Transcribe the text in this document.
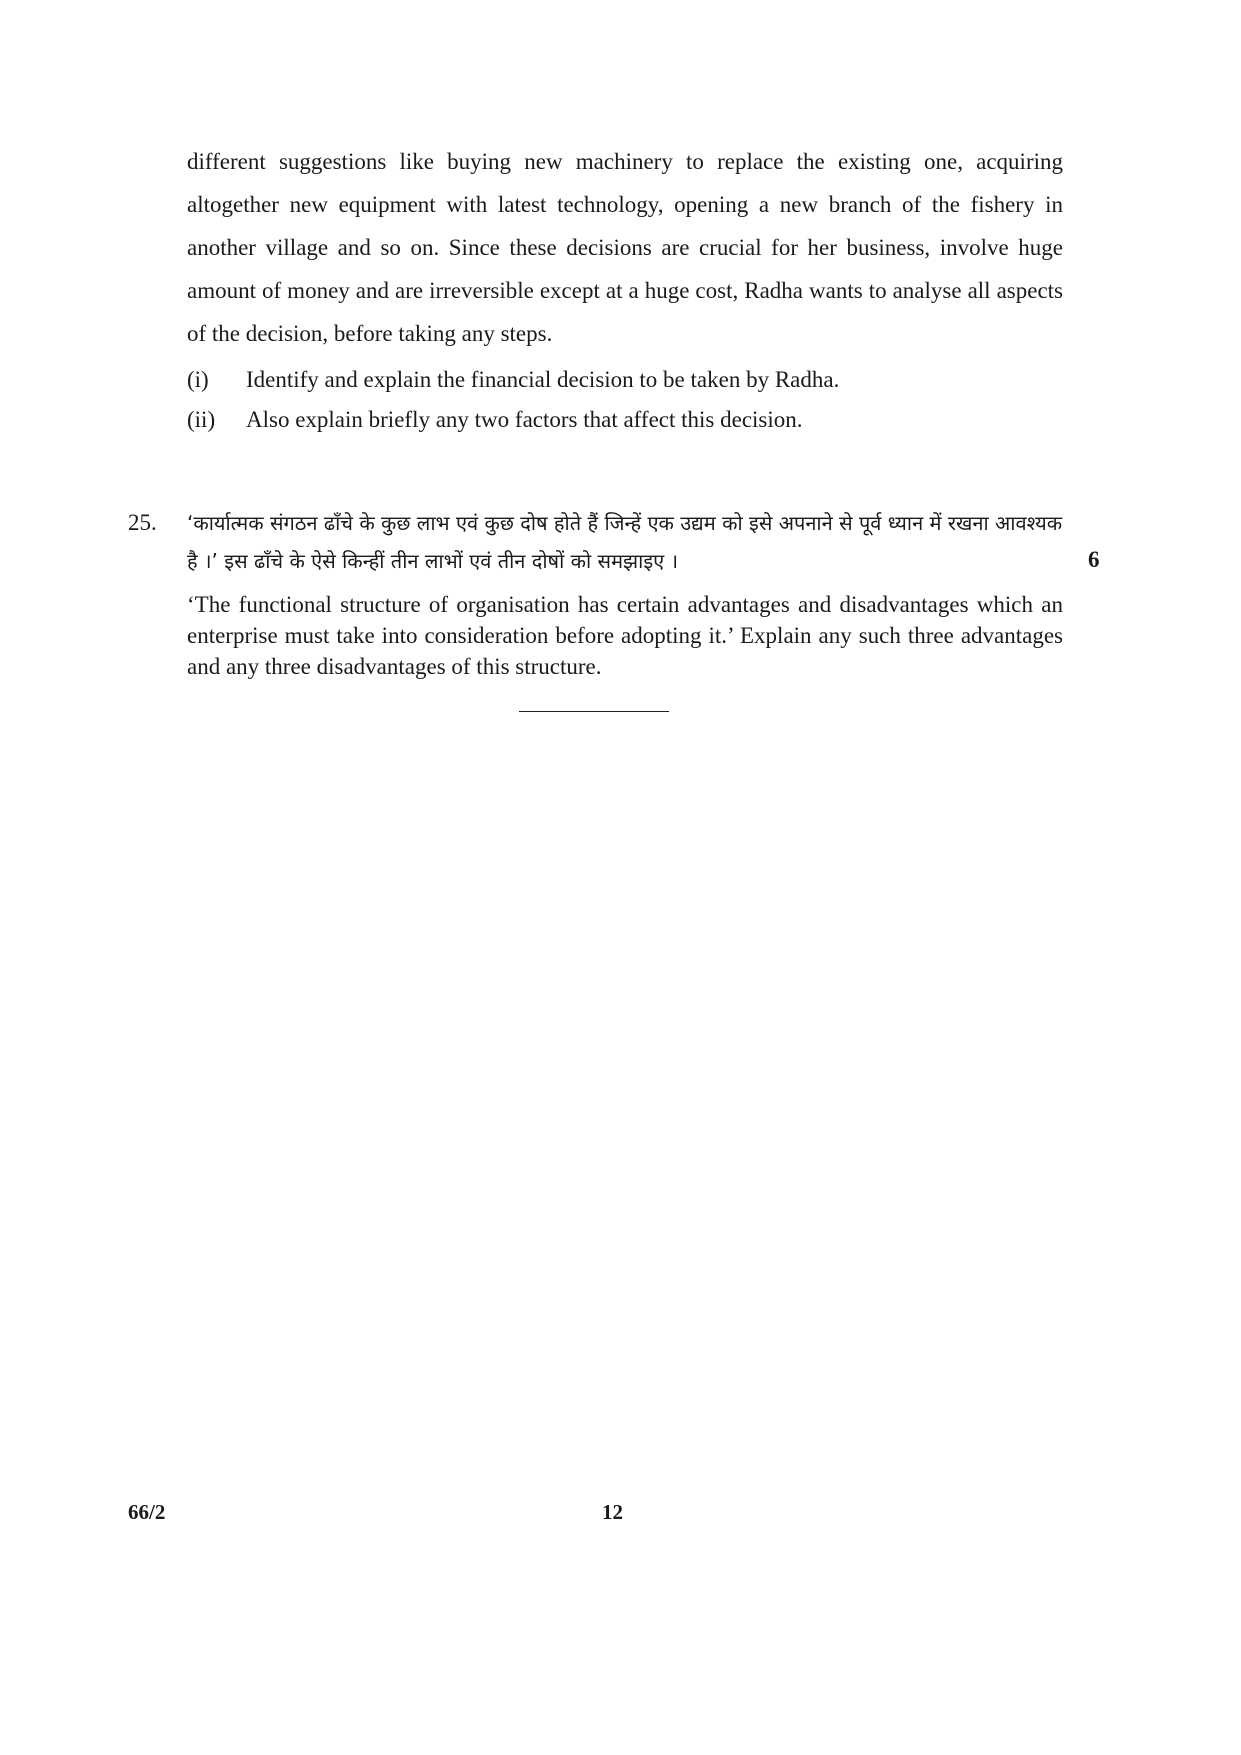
different suggestions like buying new machinery to replace the existing one, acquiring altogether new equipment with latest technology, opening a new branch of the fishery in another village and so on. Since these decisions are crucial for her business, involve huge amount of money and are irreversible except at a huge cost, Radha wants to analyse all aspects of the decision, before taking any steps.

(i) Identify and explain the financial decision to be taken by Radha.
(ii) Also explain briefly any two factors that affect this decision.
25. ‘कार्यात्मक संगठन ढाँचे के कुछ लाभ एवं कुछ दोष होते हैं जिन्हें एक उद्यम को इसे अपनाने से पूर्व ध्यान में रखना आवश्यक है ।’ इस ढाँचे के ऐसे किन्हीं तीन लाभों एवं तीन दोषों को समझाइए ।	6

‘The functional structure of organisation has certain advantages and disadvantages which an enterprise must take into consideration before adopting it.’ Explain any such three advantages and any three disadvantages of this structure.

66/2	12
